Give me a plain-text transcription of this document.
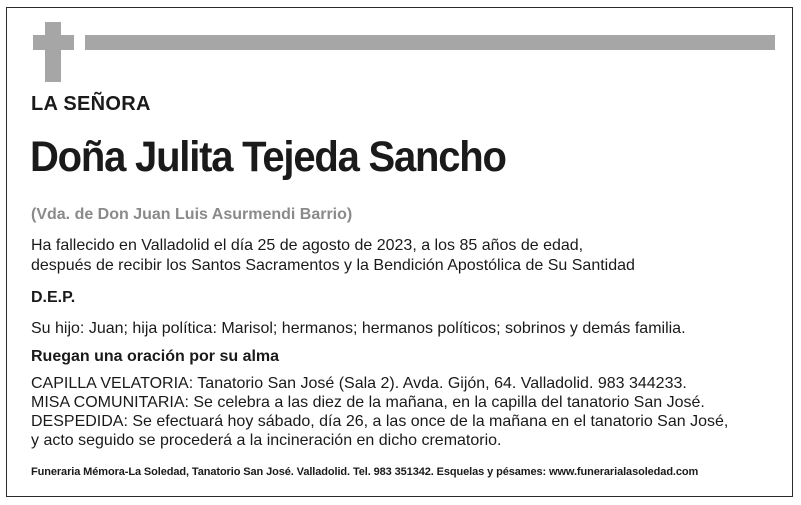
LA SEÑORA
Doña Julita Tejeda Sancho
(Vda. de Don Juan Luis Asurmendi Barrio)
Ha fallecido en Valladolid el día 25 de agosto de 2023, a los 85 años de edad,
después de recibir los Santos Sacramentos y la Bendición Apostólica de Su Santidad
D.E.P.
Su hijo: Juan; hija política: Marisol; hermanos; hermanos políticos; sobrinos y demás familia.
Ruegan una oración por su alma
CAPILLA VELATORIA: Tanatorio San José (Sala 2). Avda. Gijón, 64. Valladolid. 983 344233.
MISA COMUNITARIA: Se celebra a las diez de la mañana, en la capilla del tanatorio San José.
DESPEDIDA: Se efectuará hoy sábado, día 26, a las once de la mañana en el tanatorio San José,
y acto seguido se procederá a la incineración en dicho crematorio.
Funeraria Mémora-La Soledad, Tanatorio San José. Valladolid. Tel. 983 351342. Esquelas y pésames: www.funerarialasoledad.com
